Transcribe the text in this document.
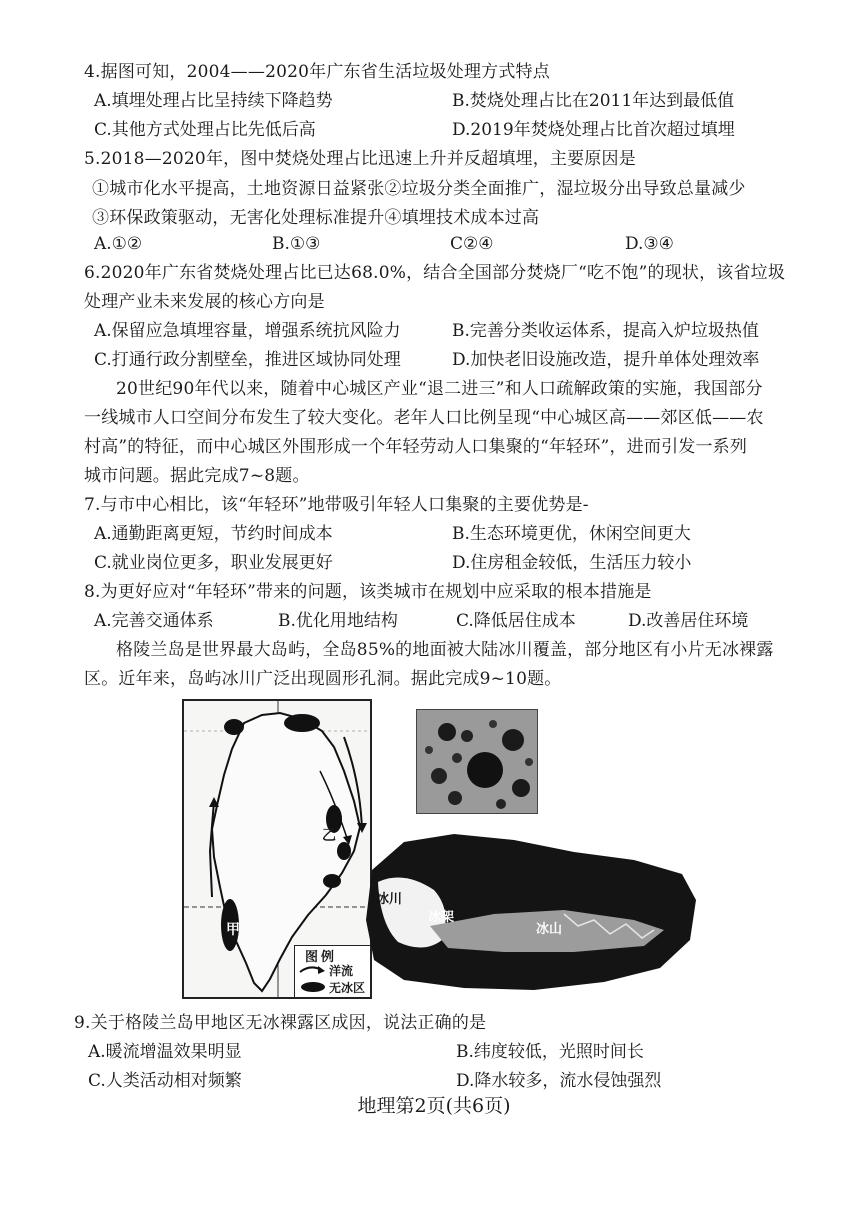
4.据图可知，2004——2020年广东省生活垃圾处理方式特点
A.填埋处理占比呈持续下降趋势	B.焚烧处理占比在2011年达到最低值
C.其他方式处理占比先低后高	D.2019年焚烧处理占比首次超过填埋
5.2018—2020年，图中焚烧处理占比迅速上升并反超填埋，主要原因是
①城市化水平提高，土地资源日益紧张②垃圾分类全面推广，湿垃圾分出导致总量减少
③环保政策驱动，无害化处理标准提升④填埋技术成本过高
A.①②	B.①③	C②④	D.③④
6.2020年广东省焚烧处理占比已达68.0%，结合全国部分焚烧厂“吃不饱”的现状，该省垃圾
处理产业未来发展的核心方向是
A.保留应急填埋容量，增强系统抗风险力	B.完善分类收运体系，提高入炉垃圾热值
C.打通行政分割壁垒，推进区域协同处理	D.加快老旧设施改造，提升单体处理效率
20世纪90年代以来，随着中心城区产业“退二进三”和人口疏解政策的实施，我国部分
一线城市人口空间分布发生了较大变化。老年人口比例呈现“中心城区高——郊区低——农
村高”的特征，而中心城区外围形成一个年轻劳动人口集聚的“年轻环”，进而引发一系列
城市问题。据此完成7~8题。
7.与市中心相比，该“年轻环”地带吸引年轻人口集聚的主要优势是-
A.通勤距离更短，节约时间成本	B.生态环境更优，休闲空间更大
C.就业岗位更多，职业发展更好	D.住房租金较低，生活压力较小
8.为更好应对“年轻环”带来的问题，该类城市在规划中应采取的根本措施是
A.完善交通体系	B.优化用地结构	C.降低居住成本	D.改善居住环境
格陵兰岛是世界最大岛屿，全岛85%的地面被大陆冰川覆盖，部分地区有小片无冰裸露
区。近年来，岛屿冰川广泛出现圆形孔洞。据此完成9~10题。
甲
乙
图例
洋流
无冰区
冰川
冰架
冰山
9.关于格陵兰岛甲地区无冰裸露区成因，说法正确的是
A.暖流增温效果明显	B.纬度较低，光照时间长
C.人类活动相对频繁	D.降水较多，流水侵蚀强烈
地理第2页(共6页)
